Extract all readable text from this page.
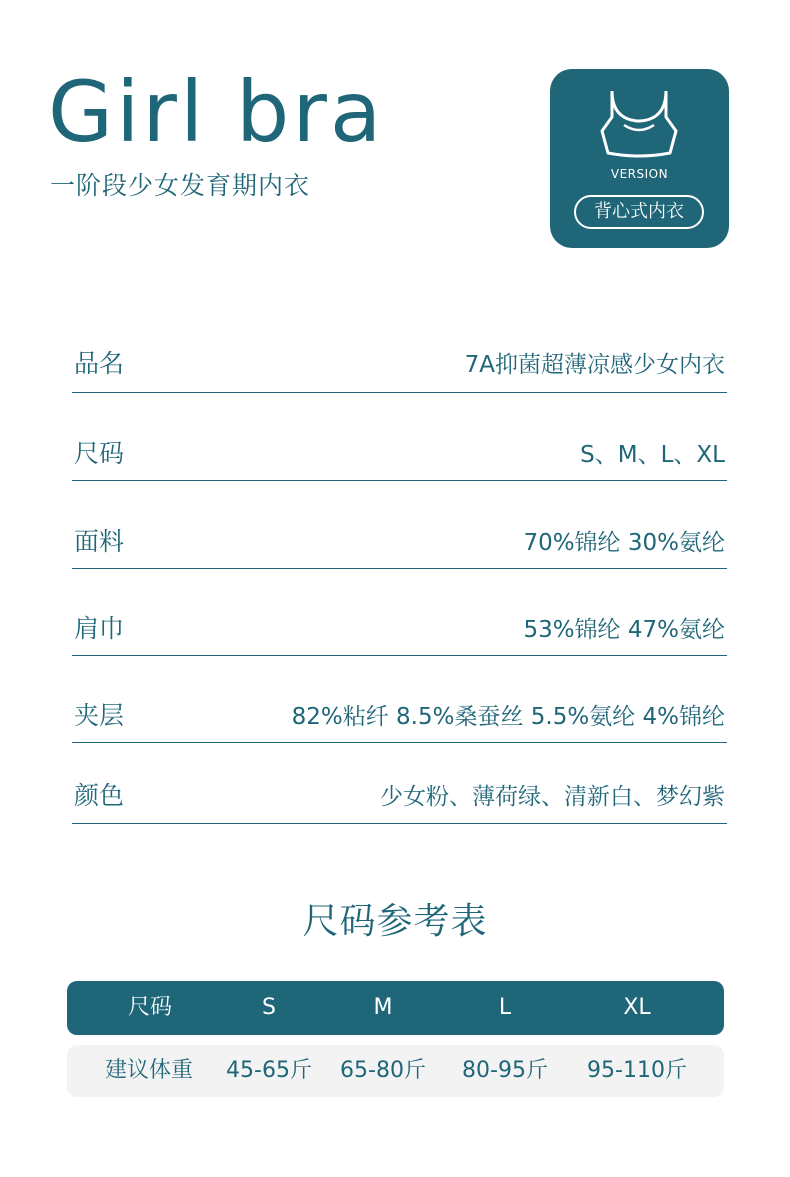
Girl bra
一阶段少女发育期内衣	VERSION
背心式内衣
品名	7A抑菌超薄凉感少女内衣
尺码	S、M、L、XL
面料	70%锦纶 30%氨纶
肩巾	53%锦纶 47%氨纶
夹层	82%粘纤 8.5%桑蚕丝 5.5%氨纶 4%锦纶
颜色	少女粉、薄荷绿、清新白、梦幻紫
尺码参考表
尺码	S	M	L	XL
建议体重	45-65斤	65-80斤	80-95斤	95-110斤
